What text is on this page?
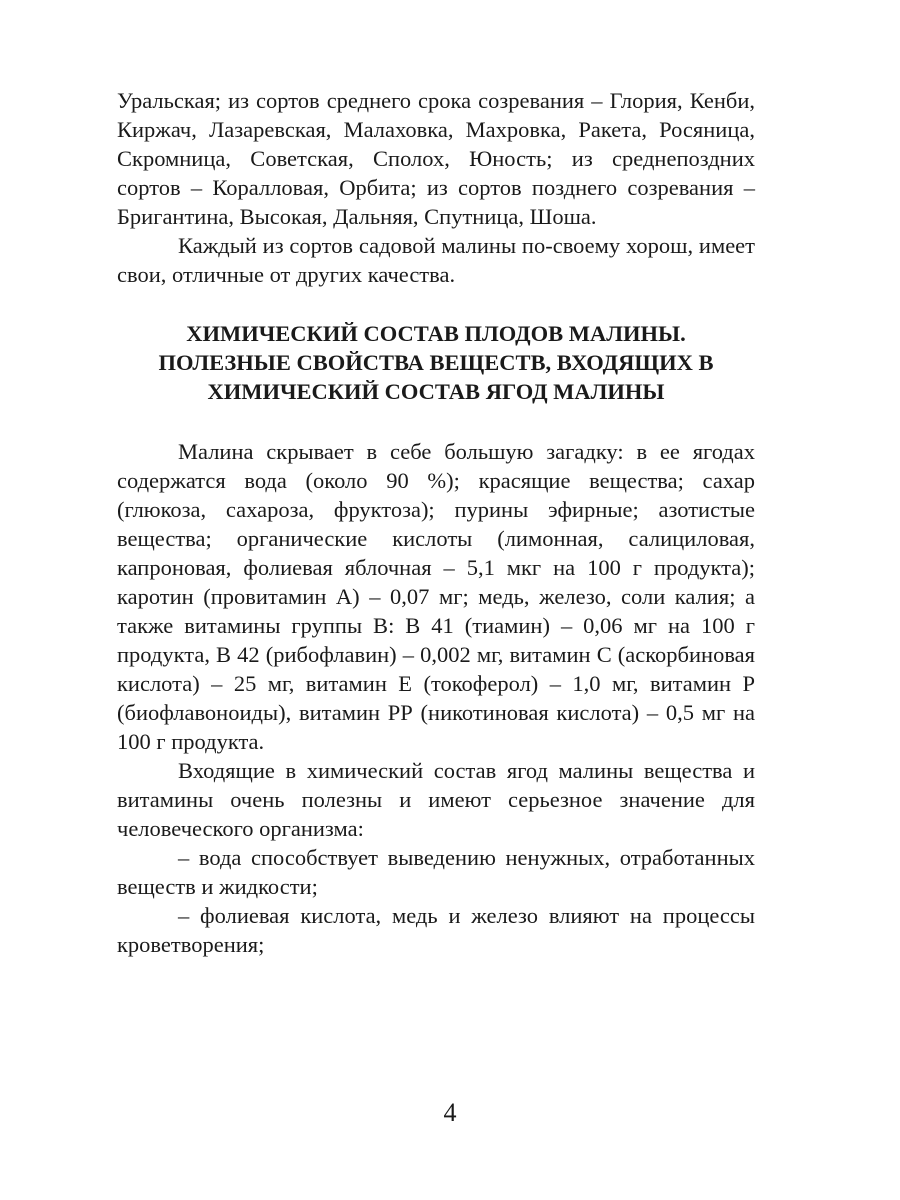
Уральская; из сортов среднего срока созревания – Глория, Кенби, Киржач, Лазаревская, Малаховка, Махровка, Ракета, Росяница, Скромница, Советская, Сполох, Юность; из среднепоздних сортов – Коралловая, Орбита; из сортов позднего созревания – Бригантина, Высокая, Дальняя, Спутница, Шоша.

Каждый из сортов садовой малины по-своему хорош, имеет свои, отличные от других качества.

ХИМИЧЕСКИЙ СОСТАВ ПЛОДОВ МАЛИНЫ.
ПОЛЕЗНЫЕ СВОЙСТВА ВЕЩЕСТВ, ВХОДЯЩИХ В
ХИМИЧЕСКИЙ СОСТАВ ЯГОД МАЛИНЫ

Малина скрывает в себе большую загадку: в ее ягодах содержатся вода (около 90 %); красящие вещества; сахар (глюкоза, сахароза, фруктоза); пурины эфирные; азотистые вещества; органические кислоты (лимонная, салициловая, капроновая, фолиевая яблочная – 5,1 мкг на 100 г продукта); каротин (провитамин А) – 0,07 мг; медь, железо, соли калия; а также витамины группы В: В 41 (тиамин) – 0,06 мг на 100 г продукта, В 42 (рибофлавин) – 0,002 мг, витамин С (аскорбиновая кислота) – 25 мг, витамин Е (токоферол) – 1,0 мг, витамин Р (биофлавоноиды), витамин РР (никотиновая кислота) – 0,5 мг на 100 г продукта.

Входящие в химический состав ягод малины вещества и витамины очень полезны и имеют серьезное значение для человеческого организма:

– вода способствует выведению ненужных, отработанных веществ и жидкости;

– фолиевая кислота, медь и железо влияют на процессы кроветворения;

4
